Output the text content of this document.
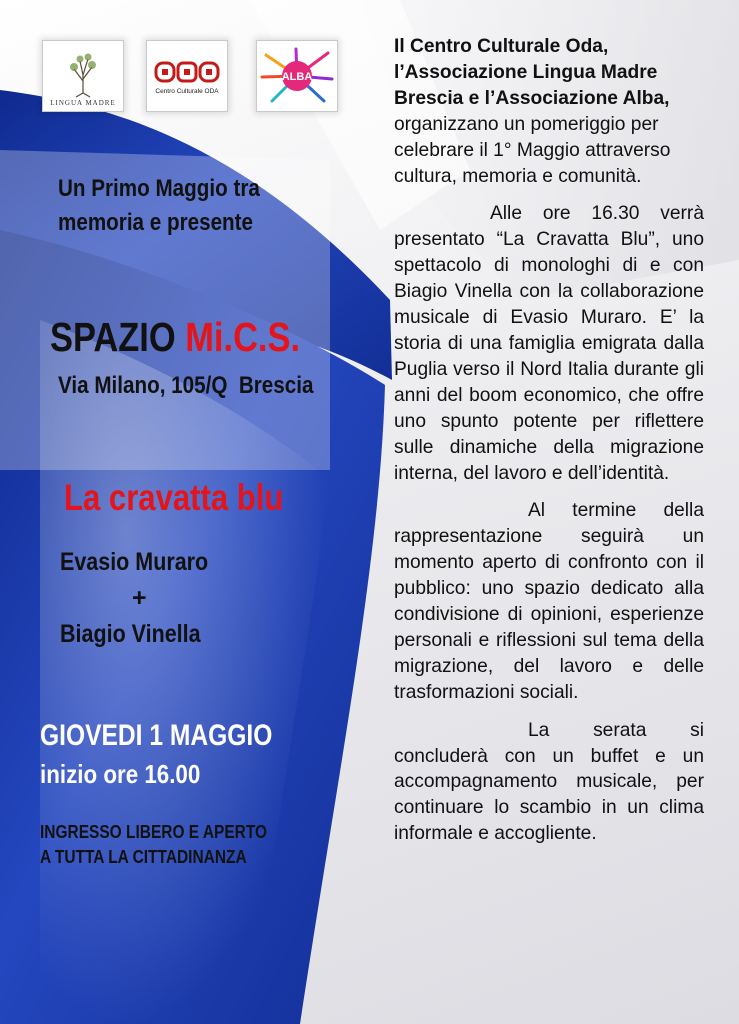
LINGUA MADRE
Centro Culturale ODA
ALBA
Un Primo Maggio tra
memoria e presente
SPAZIO Mi.C.S.
Via Milano, 105/Q  Brescia
La cravatta blu
Evasio Muraro
+
Biagio Vinella
GIOVEDI 1 MAGGIO
inizio ore 16.00
INGRESSO LIBERO E APERTO
A TUTTA LA CITTADINANZA

Il Centro Culturale Oda, l’Associazione Lingua Madre Brescia e l’Associazione Alba, organizzano un pomeriggio per celebrare il 1° Maggio attraverso cultura, memoria e comunità.

Alle ore 16.30 verrà presentato “La Cravatta Blu”, uno spettacolo di monologhi di e con Biagio Vinella con la collaborazione musicale di Evasio Muraro. E’ la storia di una famiglia emigrata dalla Puglia verso il Nord Italia durante gli anni del boom economico, che offre uno spunto potente per riflettere sulle dinamiche della migrazione interna, del lavoro e dell’identità.

Al termine della rappresentazione seguirà un momento aperto di confronto con il pubblico: uno spazio dedicato alla condivisione di opinioni, esperienze personali e riflessioni sul tema della migrazione, del lavoro e delle trasformazioni sociali.

La serata si concluderà con un buffet e un accompagnamento musicale, per continuare lo scambio in un clima informale e accogliente.
